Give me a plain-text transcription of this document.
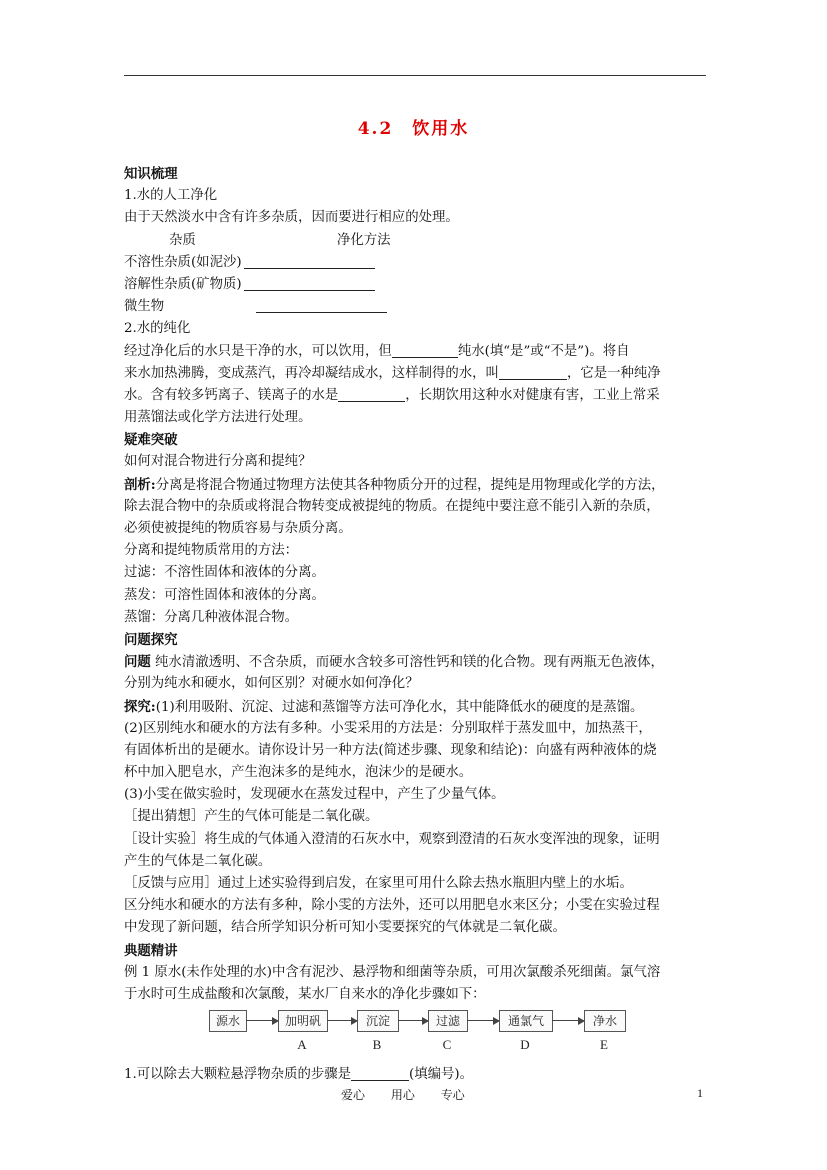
4.2　饮用水
知识梳理
1.水的人工净化
由于天然淡水中含有许多杂质，因而要进行相应的处理。
杂质	净化方法
不溶性杂质(如泥沙)
溶解性杂质(矿物质)
微生物
2.水的纯化
经过净化后的水只是干净的水，可以饮用，但	纯水(填“是”或“不是”)。将自
来水加热沸腾，变成蒸汽，再冷却凝结成水，这样制得的水，叫	，它是一种纯净
水。含有较多钙离子、镁离子的水是	，长期饮用这种水对健康有害，工业上常采
用蒸馏法或化学方法进行处理。
疑难突破
如何对混合物进行分离和提纯？
剖析:分离是将混合物通过物理方法使其各种物质分开的过程，提纯是用物理或化学的方法，
除去混合物中的杂质或将混合物转变成被提纯的物质。在提纯中要注意不能引入新的杂质，
必须使被提纯的物质容易与杂质分离。
分离和提纯物质常用的方法：
过滤：不溶性固体和液体的分离。
蒸发：可溶性固体和液体的分离。
蒸馏：分离几种液体混合物。
问题探究
问题 纯水清澈透明、不含杂质，而硬水含较多可溶性钙和镁的化合物。现有两瓶无色液体，
分别为纯水和硬水，如何区别？对硬水如何净化？
探究:(1)利用吸附、沉淀、过滤和蒸馏等方法可净化水，其中能降低水的硬度的是蒸馏。
(2)区别纯水和硬水的方法有多种。小雯采用的方法是：分别取样于蒸发皿中，加热蒸干，
有固体析出的是硬水。请你设计另一种方法(简述步骤、现象和结论)：向盛有两种液体的烧
杯中加入肥皂水，产生泡沫多的是纯水，泡沫少的是硬水。
(3)小雯在做实验时，发现硬水在蒸发过程中，产生了少量气体。
［提出猜想］产生的气体可能是二氧化碳。
［设计实验］将生成的气体通入澄清的石灰水中，观察到澄清的石灰水变浑浊的现象，证明
产生的气体是二氧化碳。
［反馈与应用］通过上述实验得到启发，在家里可用什么除去热水瓶胆内壁上的水垢。
区分纯水和硬水的方法有多种，除小雯的方法外，还可以用肥皂水来区分；小雯在实验过程
中发现了新问题，结合所学知识分析可知小雯要探究的气体就是二氧化碳。
典题精讲
例 1 原水(未作处理的水)中含有泥沙、悬浮物和细菌等杂质，可用次氯酸杀死细菌。氯气溶
于水时可生成盐酸和次氯酸，某水厂自来水的净化步骤如下：
源水	加明矾	沉淀	过滤	通氯气	净水
A	B	C	D	E
1.可以除去大颗粒悬浮物杂质的步骤是	(填编号)。
爱心 用心 专心	1
